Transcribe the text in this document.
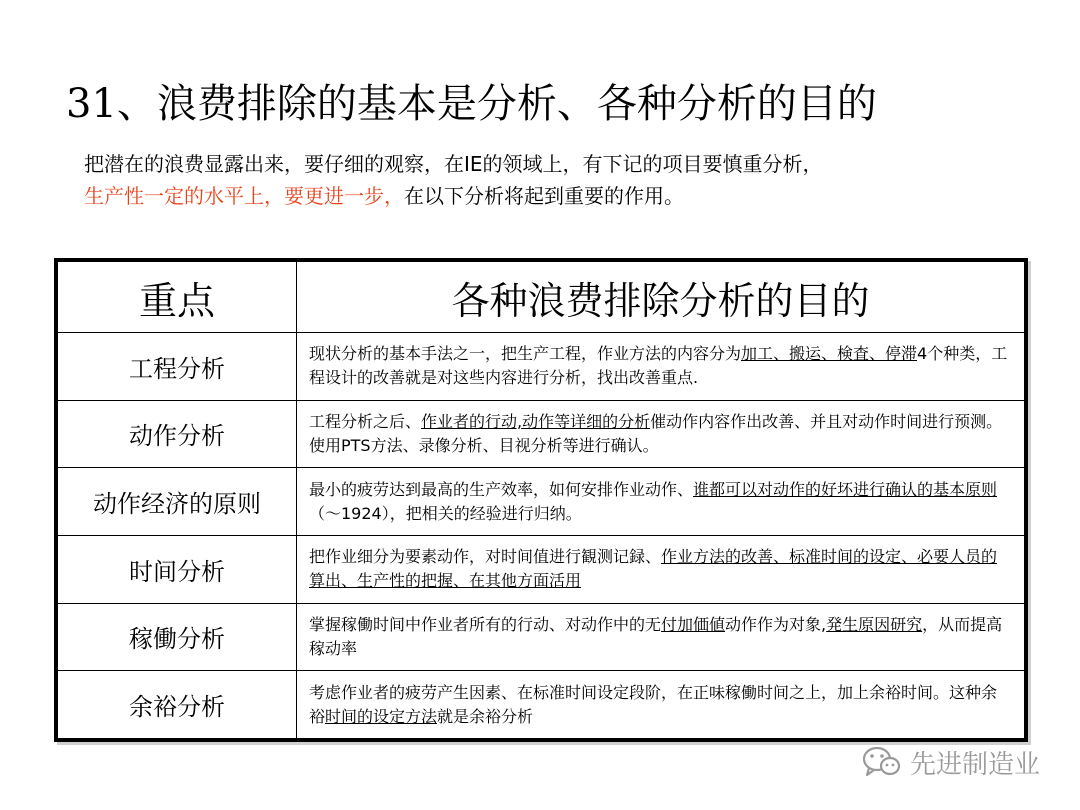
31、浪费排除的基本是分析、各种分析的目的
把潜在的浪费显露出来，要仔细的观察，在IE的领域上，有下记的项目要慎重分析，
生产性一定的水平上，要更进一步，在以下分析将起到重要的作用。
重点	各种浪费排除分析的目的
工程分析	现状分析的基本手法之一，把生产工程，作业方法的内容分为加工、搬运、検査、停滞4个种类，工程设计的改善就是对这些内容进行分析，找出改善重点.
动作分析	工程分析之后、作业者的行动,动作等详细的分析催动作内容作出改善、并且对动作时间进行预测。使用PTS方法、录像分析、目视分析等进行确认。
动作经济的原则	最小的疲劳达到最高的生产效率，如何安排作业动作、谁都可以对动作的好坏进行确认的基本原则（～1924），把相关的经验进行归纳。
时间分析	把作业细分为要素动作，对时间值进行観测记録、作业方法的改善、标准时间的设定、必要人员的算出、生产性的把握、在其他方面活用
稼働分析	掌握稼働时间中作业者所有的行动、对动作中的无付加価値动作作为对象,発生原因研究，从而提高稼动率
余裕分析	考虑作业者的疲劳产生因素、在标准时间设定段阶，在正味稼働时间之上，加上余裕时间。这种余裕时间的设定方法就是余裕分析
先进制造业
